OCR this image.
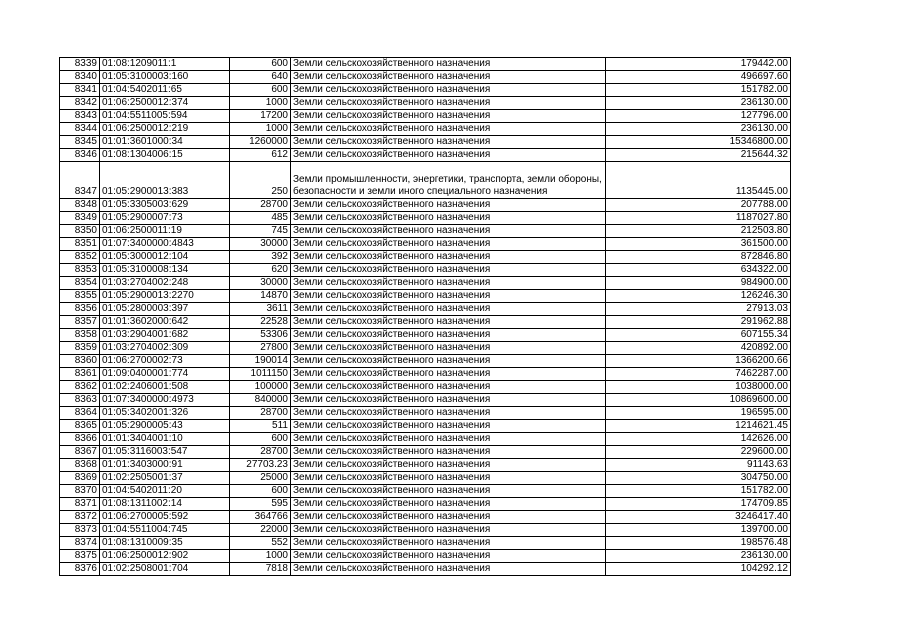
8339	01:08:1209011:1	600	Земли сельскохозяйственного назначения	179442.00
8340	01:05:3100003:160	640	Земли сельскохозяйственного назначения	496697.60
8341	01:04:5402011:65	600	Земли сельскохозяйственного назначения	151782.00
8342	01:06:2500012:374	1000	Земли сельскохозяйственного назначения	236130.00
8343	01:04:5511005:594	17200	Земли сельскохозяйственного назначения	127796.00
8344	01:06:2500012:219	1000	Земли сельскохозяйственного назначения	236130.00
8345	01:01:3601000:34	1260000	Земли сельскохозяйственного назначения	15346800.00
8346	01:08:1304006:15	612	Земли сельскохозяйственного назначения	215644.32
8347	01:05:2900013:383	250	Земли промышленности, энергетики, транспорта, земли обороны, безопасности и земли иного специального назначения	1135445.00
8348	01:05:3305003:629	28700	Земли сельскохозяйственного назначения	207788.00
8349	01:05:2900007:73	485	Земли сельскохозяйственного назначения	1187027.80
8350	01:06:2500011:19	745	Земли сельскохозяйственного назначения	212503.80
8351	01:07:3400000:4843	30000	Земли сельскохозяйственного назначения	361500.00
8352	01:05:3000012:104	392	Земли сельскохозяйственного назначения	872846.80
8353	01:05:3100008:134	620	Земли сельскохозяйственного назначения	634322.00
8354	01:03:2704002:248	30000	Земли сельскохозяйственного назначения	984900.00
8355	01:05:2900013:2270	14870	Земли сельскохозяйственного назначения	126246.30
8356	01:05:2800003:397	3611	Земли сельскохозяйственного назначения	27913.03
8357	01:01:3602000:642	22528	Земли сельскохозяйственного назначения	291962.88
8358	01:03:2904001:682	53306	Земли сельскохозяйственного назначения	607155.34
8359	01:03:2704002:309	27800	Земли сельскохозяйственного назначения	420892.00
8360	01:06:2700002:73	190014	Земли сельскохозяйственного назначения	1366200.66
8361	01:09:0400001:774	1011150	Земли сельскохозяйственного назначения	7462287.00
8362	01:02:2406001:508	100000	Земли сельскохозяйственного назначения	1038000.00
8363	01:07:3400000:4973	840000	Земли сельскохозяйственного назначения	10869600.00
8364	01:05:3402001:326	28700	Земли сельскохозяйственного назначения	196595.00
8365	01:05:2900005:43	511	Земли сельскохозяйственного назначения	1214621.45
8366	01:01:3404001:10	600	Земли сельскохозяйственного назначения	142626.00
8367	01:05:3116003:547	28700	Земли сельскохозяйственного назначения	229600.00
8368	01:01:3403000:91	27703.23	Земли сельскохозяйственного назначения	91143.63
8369	01:02:2505001:37	25000	Земли сельскохозяйственного назначения	304750.00
8370	01:04:5402011:20	600	Земли сельскохозяйственного назначения	151782.00
8371	01:08:1311002:14	595	Земли сельскохозяйственного назначения	174709.85
8372	01:06:2700005:592	364766	Земли сельскохозяйственного назначения	3246417.40
8373	01:04:5511004:745	22000	Земли сельскохозяйственного назначения	139700.00
8374	01:08:1310009:35	552	Земли сельскохозяйственного назначения	198576.48
8375	01:06:2500012:902	1000	Земли сельскохозяйственного назначения	236130.00
8376	01:02:2508001:704	7818	Земли сельскохозяйственного назначения	104292.12
